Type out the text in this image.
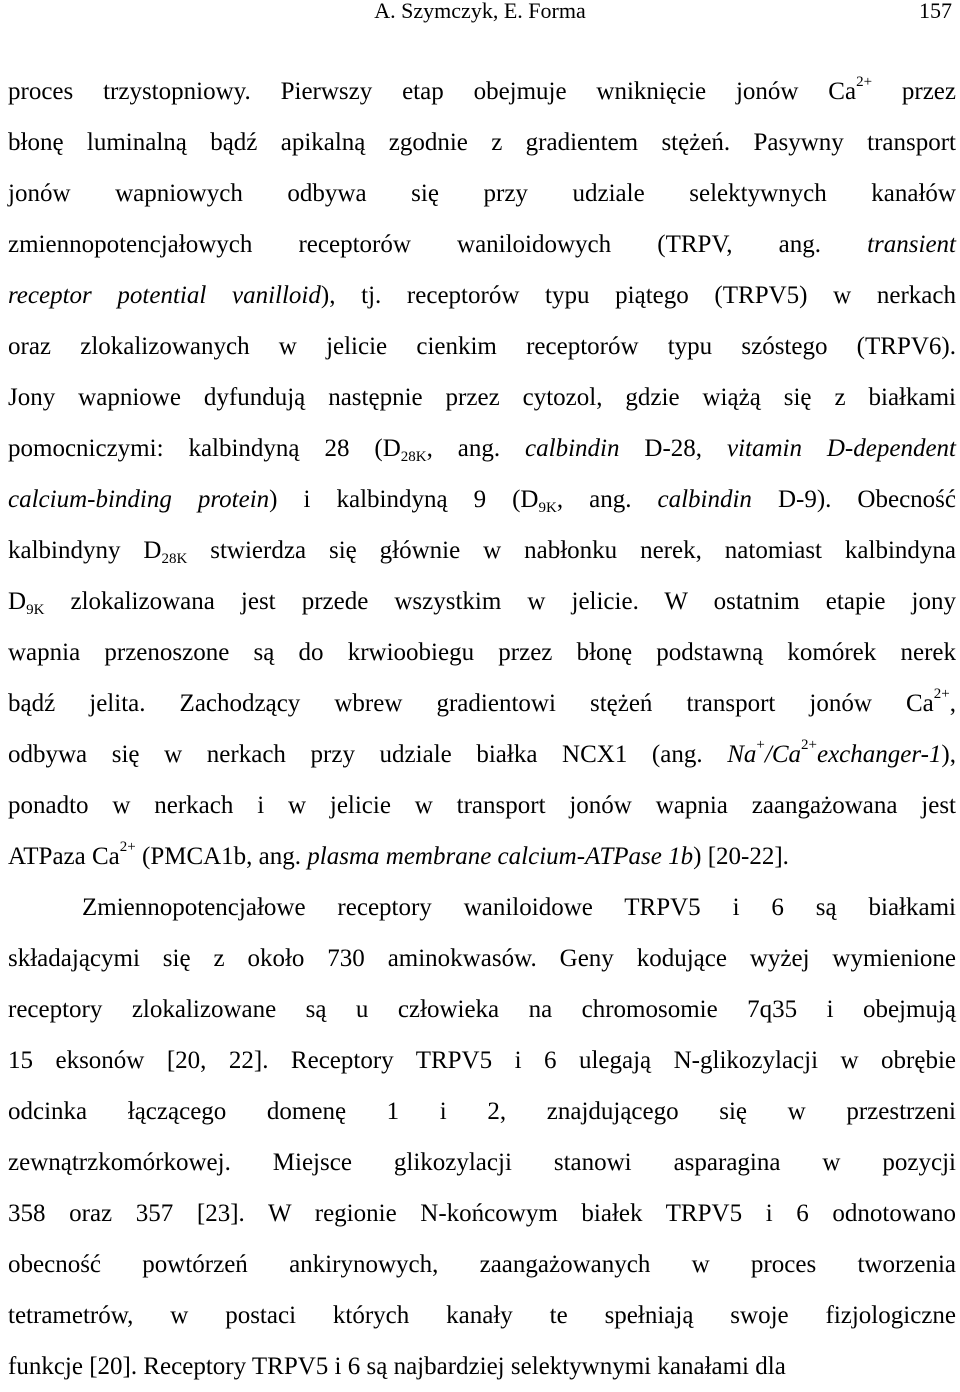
A. Szymczyk, E. Forma	157
proces trzystopniowy. Pierwszy etap obejmuje wniknięcie jonów $Ca^{2+}$ przez
błonę luminalną bądź apikalną zgodnie z gradientem stężeń. Pasywny transport
jonów wapniowych odbywa się przy udziale selektywnych kanałów
zmiennopotencjałowych receptorów waniloidowych (TRPV, ang. transient
receptor potential vanilloid), tj. receptorów typu piątego (TRPV5) w nerkach
oraz zlokalizowanych w jelicie cienkim receptorów typu szóstego (TRPV6).
Jony wapniowe dyfundują następnie przez cytozol, gdzie wiążą się z białkami
pomocniczymi: kalbindyną 28 ($D_{28K}$, ang. calbindin D-28, vitamin D-dependent
calcium-binding protein) i kalbindyną 9 ($D_{9K}$, ang. calbindin D-9). Obecność
kalbindyny $D_{28K}$ stwierdza się głównie w nabłonku nerek, natomiast kalbindyna
$D_{9K}$ zlokalizowana jest przede wszystkim w jelicie. W ostatnim etapie jony
wapnia przenoszone są do krwioobiegu przez błonę podstawną komórek nerek
bądź jelita. Zachodzący wbrew gradientowi stężeń transport jonów $Ca^{2+}$,
odbywa się w nerkach przy udziale białka NCX1 (ang. $Na^+/Ca^{2+}exchanger-1$),
ponadto w nerkach i w jelicie w transport jonów wapnia zaangażowana jest
ATPaza $Ca^{2+}$ (PMCA1b, ang. plasma membrane calcium-ATPase 1b) [20-22].
Zmiennopotencjałowe receptory waniloidowe TRPV5 i 6 są białkami
składającymi się z około 730 aminokwasów. Geny kodujące wyżej wymienione
receptory zlokalizowane są u człowieka na chromosomie 7q35 i obejmują
15 eksonów [20, 22]. Receptory TRPV5 i 6 ulegają N-glikozylacji w obrębie
odcinka łączącego domenę 1 i 2, znajdującego się w przestrzeni
zewnątrzkomórkowej. Miejsce glikozylacji stanowi asparagina w pozycji
358 oraz 357 [23]. W regionie N-końcowym białek TRPV5 i 6 odnotowano
obecność powtórzeń ankirynowych, zaangażowanych w proces tworzenia
tetrametrów, w postaci których kanały te spełniają swoje fizjologiczne
funkcje [20]. Receptory TRPV5 i 6 są najbardziej selektywnymi kanałami dla
